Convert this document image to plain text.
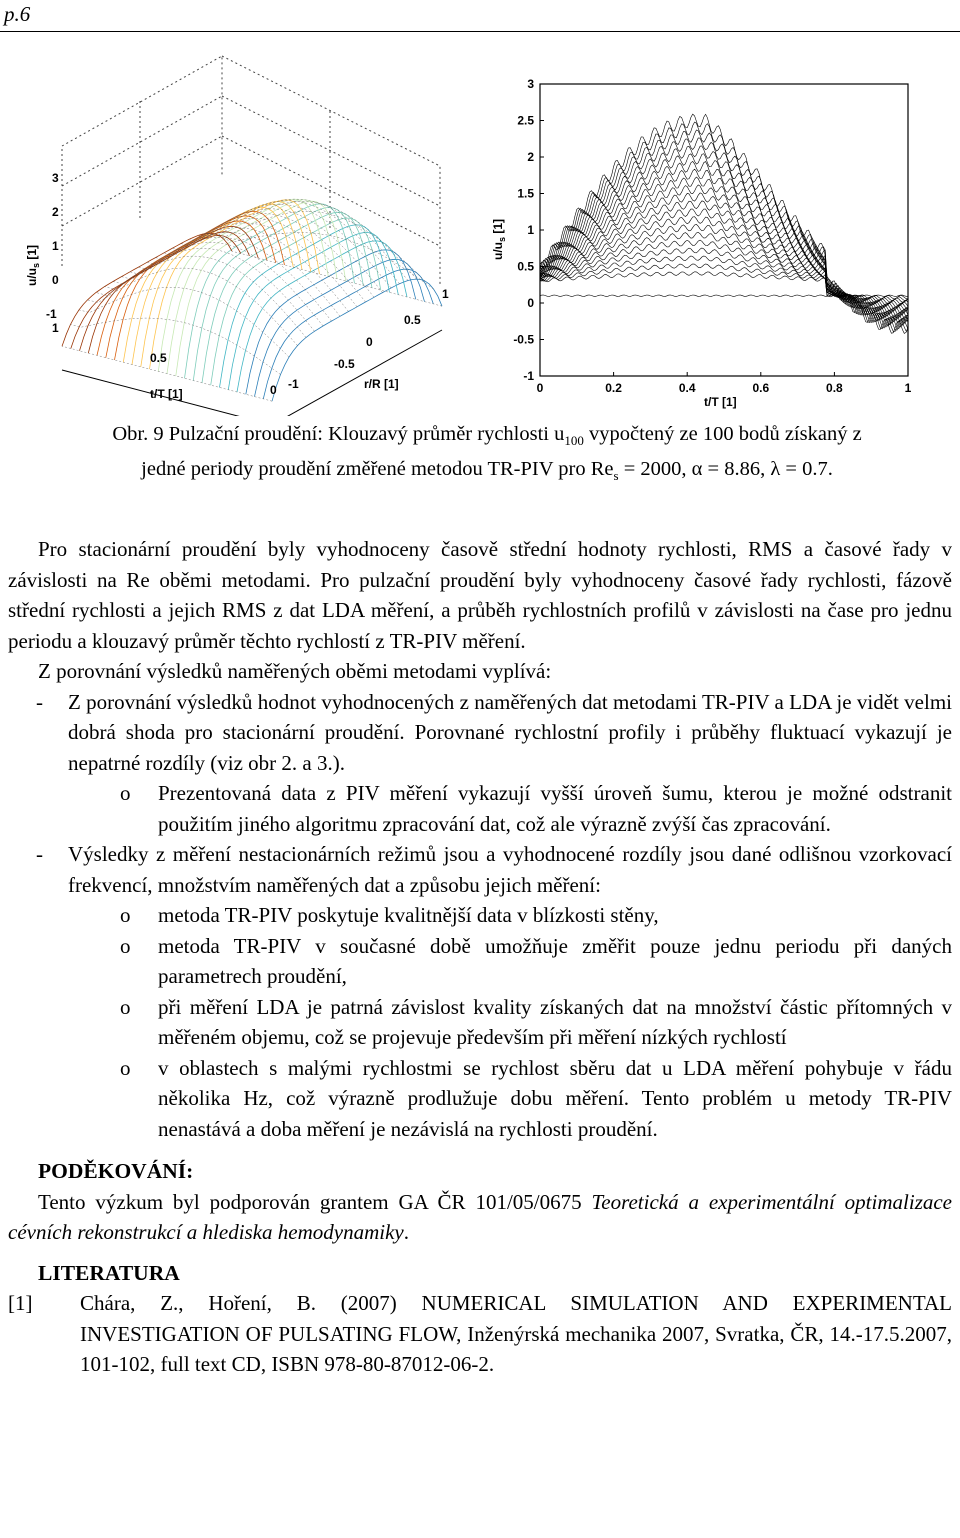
p.6
$u/u_s$ [1]
3
2
1
0
-1
1
0.5
0
t/T [1]
-1
-0.5
0
0.5
1
r/R [1]
3
2.5
2
1.5
1
0.5
0
-0.5
-1
0	0.2	0.4	0.6	0.8	1
$u/u_s$ [1]
t/T [1]
Obr. 9 Pulzační proudění: Klouzavý průměr rychlosti $u_{100}$ vypočtený ze 100 bodů získaný z
jedné periody proudění změřené metodou TR-PIV pro $Re_s = 2000$, α = 8.86, λ = 0.7.
Pro stacionární proudění byly vyhodnoceny časově střední hodnoty rychlosti, RMS a časové řady v závislosti na Re oběmi metodami. Pro pulzační proudění byly vyhodnoceny časové řady rychlosti, fázově střední rychlosti a jejich RMS z dat LDA měření, a průběh rychlostních profilů v závislosti na čase pro jednu periodu a klouzavý průměr těchto rychlostí z TR-PIV měření.
Z porovnání výsledků naměřených oběmi metodami vyplívá:
- Z porovnání výsledků hodnot vyhodnocených z naměřených dat metodami TR-PIV a LDA je vidět velmi dobrá shoda pro stacionární proudění. Porovnané rychlostní profily i průběhy fluktuací vykazují je nepatrné rozdíly (viz obr 2. a 3.).
o Prezentovaná data z PIV měření vykazují vyšší úroveň šumu, kterou je možné odstranit použitím jiného algoritmu zpracování dat, což ale výrazně zvýší čas zpracování.
- Výsledky z měření nestacionárních režimů jsou a vyhodnocené rozdíly jsou dané odlišnou vzorkovací frekvencí, množstvím naměřených dat a způsobu jejich měření:
o metoda TR-PIV poskytuje kvalitnější data v blízkosti stěny,
o metoda TR-PIV v současné době umožňuje změřit pouze jednu periodu při daných parametrech proudění,
o při měření LDA je patrná závislost kvality získaných dat na množství částic přítomných v měřeném objemu, což se projevuje především při měření nízkých rychlostí
o v oblastech s malými rychlostmi se rychlost sběru dat u LDA měření pohybuje v řádu několika Hz, což výrazně prodlužuje dobu měření. Tento problém u metody TR-PIV nenastává a doba měření je nezávislá na rychlosti proudění.
PODĚKOVÁNÍ:
Tento výzkum byl podporován grantem GA ČR 101/05/0675 Teoretická a experimentální optimalizace cévních rekonstrukcí a hlediska hemodynamiky.
LITERATURA
[1] Chára, Z., Hoření, B. (2007) NUMERICAL SIMULATION AND EXPERIMENTAL INVESTIGATION OF PULSATING FLOW, Inženýrská mechanika 2007, Svratka, ČR, 14.-17.5.2007, 101-102, full text CD, ISBN 978-80-87012-06-2.
